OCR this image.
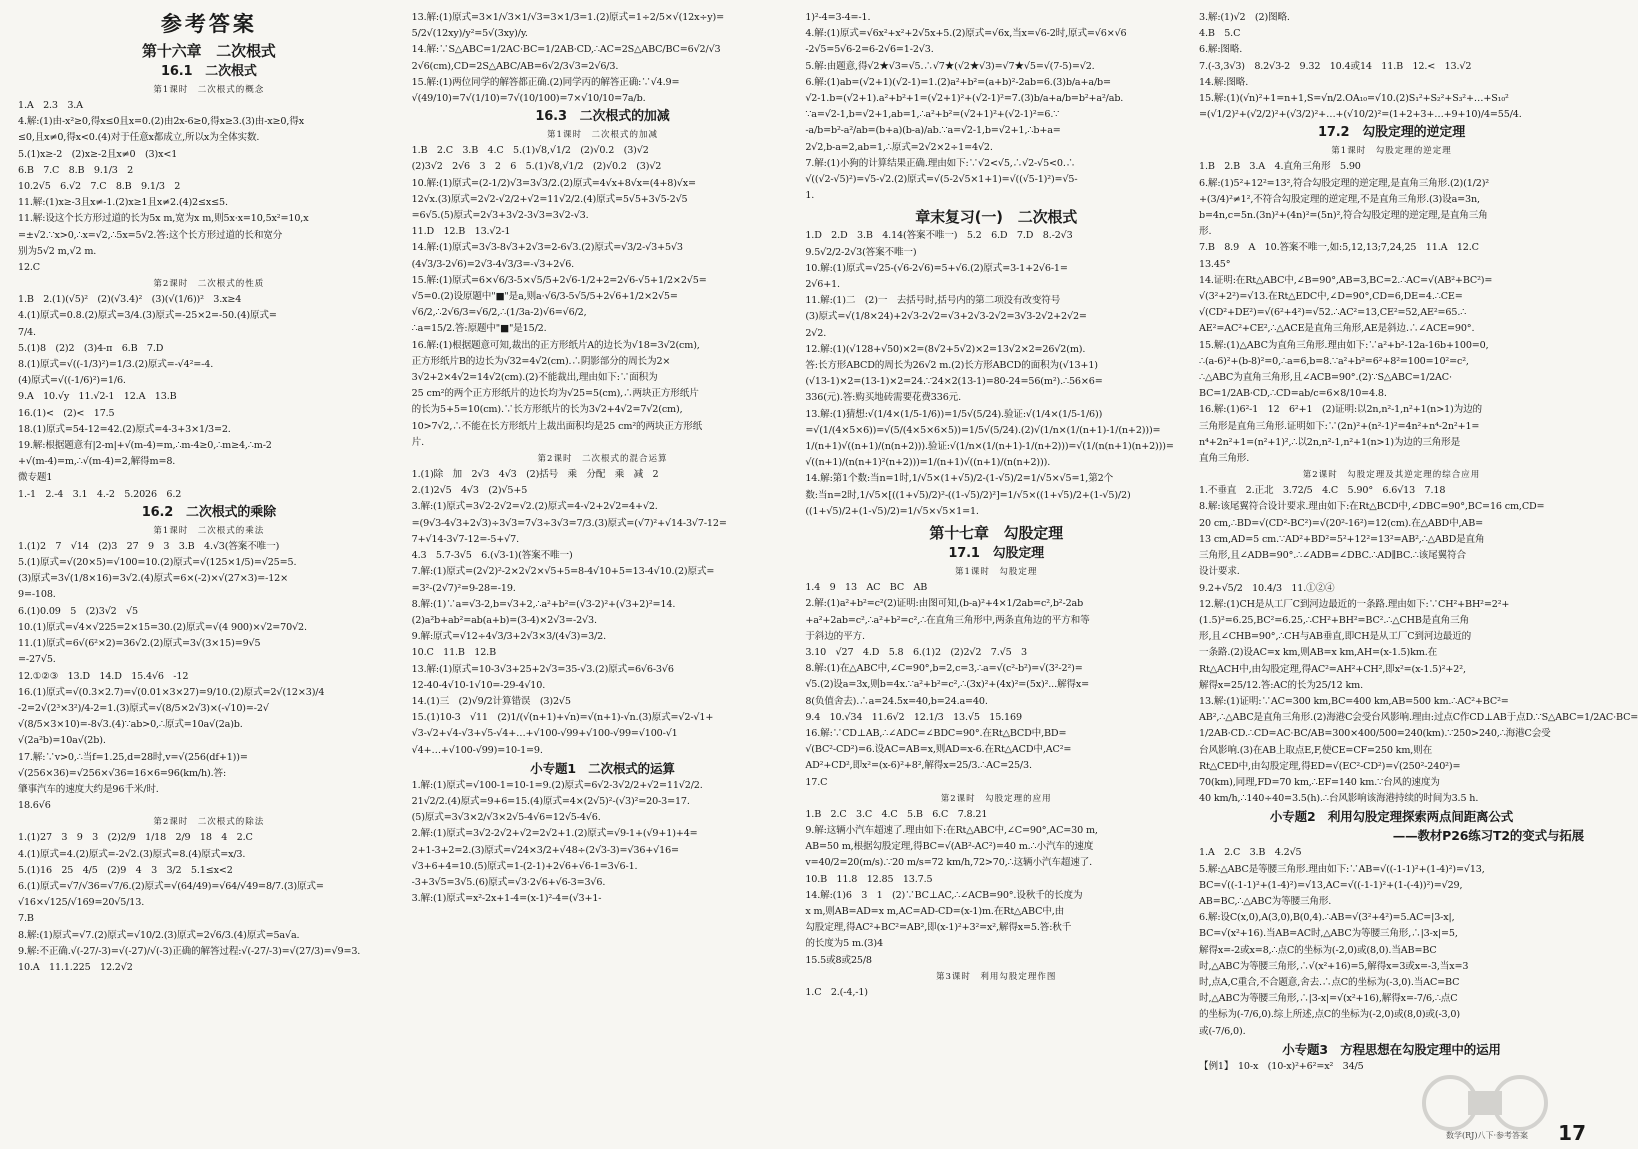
参考答案
第十六章　二次根式
16.1　二次根式
第1课时　二次根式的概念
1.A　2.3　3.A
4.解:(1)由-x²≥0,得x≤0且x=0.(2)由2x-6≥0,得x≥3.(3)由-x≥0,得x
≤0,且x≠0,得x<0.(4)对于任意x都成立,所以x为全体实数.
5.(1)x≥-2　(2)x≥-2且x≠0　(3)x<1
6.B　7.C　8.B　9.1/3　2
10.2√5　6.√2　7.C　8.B　9.1/3　2
11.解:(1)x≥-3且x≠-1.(2)x≥1且x≠2.(4)2≤x≤5.
11.解:设这个长方形过道的长为5x m,宽为x m,则5x·x=10,5x²=10,x
=±√2.∵x>0,∴x=√2,∴5x=5√2.答:这个长方形过道的长和宽分
别为5√2 m,√2 m.
12.C
第2课时　二次根式的性质
1.B　2.(1)(√5)²　(2)(√3.4)²　(3)(√(1/6))²　3.x≥4
4.(1)原式=0.8.(2)原式=3/4.(3)原式=-25×2=-50.(4)原式=
7/4.
5.(1)8　(2)2　(3)4-π　6.B　7.D
8.(1)原式=√((-1/3)²)=1/3.(2)原式=-√4²=-4.
(4)原式=√((-1/6)²)=1/6.
9.A　10.√y　11.√2-1　12.A　13.B
16.(1)<　(2)<　17.5
18.(1)原式=54-12=42.(2)原式=4-3+3×1/3=2.
19.解:根据题意有|2-m|+√(m-4)=m,∴m-4≥0,∴m≥4,∴m-2
+√(m-4)=m,∴√(m-4)=2,解得m=8.
微专题1
1.-1　2.-4　3.1　4.-2　5.2026　6.2
16.2　二次根式的乘除
第1课时　二次根式的乘法
1.(1)2　7　√14　(2)3　27　9　3　3.B　4.√3(答案不唯一)
5.(1)原式=√(20×5)=√100=10.(2)原式=√(125×1/5)=√25=5.
(3)原式=3√(1/8×16)=3√2.(4)原式=6×(-2)×√(27×3)=-12×
9=-108.
6.(1)0.09　5　(2)3√2　√5
10.(1)原式=√4×√225=2×15=30.(2)原式=√(4 900)×√2=70√2.
11.(1)原式=6√(6²×2)=36√2.(2)原式=3√(3×15)=9√5
=-27√5.
12.①②③　13.D　14.D　15.4√6　-12
16.(1)原式=√(0.3×2.7)=√(0.01×3×27)=9/10.(2)原式=2√(12×3)/4
-2=2√(2³×3²)/4-2=1.(3)原式=√(8/5×2√3)×(-√10)=-2√
√(8/5×3×10)=-8√3.(4)∵ab>0,∴原式=10a√(2a)b.
√(2a²b)=10a√(2b).
17.解:∵v>0,∴当f=1.25,d=28时,v=√(256(df+1))=
√(256×36)=√256×√36=16×6=96(km/h).答:
肇事汽车的速度大约是96千米/时.
18.6√6
第2课时　二次根式的除法
1.(1)27　3　9　3　(2)2/9　1/18　2/9　18　4　2.C
4.(1)原式=4.(2)原式=-2√2.(3)原式=8.(4)原式=x/3.
5.(1)16　25　4/5　(2)9　4　3　3/2　5.1≤x<2
6.(1)原式=√7/√36=√7/6.(2)原式=√(64/49)=√64/√49=8/7.(3)原式=
√16×√125/√169=20√5/13.
7.B
8.解:(1)原式=√7.(2)原式=√10/2.(3)原式=2√6/3.(4)原式=5a√a.
9.解:不正确.√(-27/-3)=√(-27)/√(-3)正确的解答过程:√(-27/-3)=√(27/3)=√9=3.
10.A　11.1.225　12.2√2
13.解:(1)原式=3×1/√3×1/√3=3×1/3=1.(2)原式=1÷2/5×√(12x÷y)=
5/2√(12xy)/y²=5√(3xy)/y.
14.解:∵S△ABC=1/2AC·BC=1/2AB·CD,∴AC=2S△ABC/BC=6√2/√3
2√6(cm),CD=2S△ABC/AB=6√2/3√3=2√6/3.
15.解:(1)两位同学的解答都正确.(2)同学丙的解答正确:∵√4.9=
√(49/10)=7√(1/10)=7√(10/100)=7×√10/10=7a/b.
16.3　二次根式的加减
第1课时　二次根式的加减
1.B　2.C　3.B　4.C　5.(1)√8,√1/2　(2)√0.2　(3)√2
(2)3√2　2√6　3　2　6　5.(1)√8,√1/2　(2)√0.2　(3)√2
10.解:(1)原式=(2-1/2)√3=3√3/2.(2)原式=4√x+8√x=(4+8)√x=
12√x.(3)原式=2√2-√2/2+√2=11√2/2.(4)原式=5√5+3√5-2√5
=6√5.(5)原式=2√3+3√2-3√3=3√2-√3.
11.D　12.B　13.√2-1
14.解:(1)原式=3√3-8√3+2√3=2-6√3.(2)原式=√3/2-√3+5√3
(4√3/3-2√6)=2√3-4√3/3=-√3+2√6.
15.解:(1)原式=6×√6/3-5×√5/5+2√6-1/2+2=2√6-√5+1/2×2√5=
√5=0.(2)设原题中"■"是a,则a·√6/3-5√5/5+2√6+1/2×2√5=
√6/2,∴2√6/3=√6/2,∴(1/3a-2)√6=√6/2,
∴a=15/2.答:原题中"■"是15/2.
16.解:(1)根据题意可知,裁出的正方形纸片A的边长为√18=3√2(cm),
正方形纸片B的边长为√32=4√2(cm).∴阴影部分的周长为2×
3√2+2×4√2=14√2(cm).(2)不能裁出,理由如下:∵面积为
25 cm²的两个正方形纸片的边长均为√25=5(cm),∴两块正方形纸片
的长为5+5=10(cm).∵长方形纸片的长为3√2+4√2=7√2(cm),
10>7√2,∴不能在长方形纸片上裁出面积均是25 cm²的两块正方形纸
片.
第2课时　二次根式的混合运算
1.(1)除　加　2√3　4√3　(2)括号　乘　分配　乘　减　2
2.(1)2√5　4√3　(2)√5+5
3.解:(1)原式=3√2-2√2=√2.(2)原式=4-√2+2√2=4+√2.
=(9√3-4√3+2√3)÷3√3=7√3÷3√3=7/3.(3)原式=(√7)²+√14-3√7-12=
7+√14-3√7-12=-5+√7.
4.3　5.7-3√5　6.(√3-1)(答案不唯一)
7.解:(1)原式=(2√2)²-2×2√2×√5+5=8-4√10+5=13-4√10.(2)原式=
=3²-(2√7)²=9-28=-19.
8.解:(1)∵a=√3-2,b=√3+2,∴a²+b²=(√3-2)²+(√3+2)²=14.
(2)a²b+ab²=ab(a+b)=(3-4)×2√3=-2√3.
9.解:原式=√12÷4√3/3+2√3×3/(4√3)=3/2.
10.C　11.B　12.B
13.解:(1)原式=10-3√3+25+2√3=35-√3.(2)原式=6√6-3√6
12-40-4√10-1√10=-29-4√10.
14.(1)三　(2)√9/2计算错误　(3)2√5
15.(1)10-3　√11　(2)1/(√(n+1)+√n)=√(n+1)-√n.(3)原式=√2-√1+
√3-√2+√4-√3+√5-√4+…+√100-√99+√100-√99=√100-√1
√4+…+√100-√99)=10-1=9.
小专题1　二次根式的运算
1.解:(1)原式=√100-1=10-1=9.(2)原式=6√2-3√2/2+√2=11√2/2.
21√2/2.(4)原式=9+6=15.(4)原式=4×(2√5)²-(√3)²=20-3=17.
(5)原式=3√3×2/√3×2√5-4√6=12√5-4√6.
2.解:(1)原式=3√2-2√2+√2=2√2+1.(2)原式=√9-1+(√9+1)+4=
2+1-3+2=2.(3)原式=√24×3/2+√48÷(2√3-3)=√36+√16=
√3+6+4=10.(5)原式=1-(2-1)+2√6+√6-1=3√6-1.
-3+3√5=3√5.(6)原式=√3·2√6+√6-3=3√6.
3.解:(1)原式=x²-2x+1-4=(x-1)²-4=(√3+1-
1)²-4=3-4=-1.
4.解:(1)原式=√6x²+x²+2√5x+5.(2)原式=√6x,当x=√6-2时,原式=√6×√6
-2√5=5√6-2=6-2√6=1-2√3.
5.解:由题意,得√2★√3=√5.∴√7★(√2★√3)=√7★√5=√(7-5)=√2.
6.解:(1)ab=(√2+1)(√2-1)=1.(2)a²+b²=(a+b)²-2ab=6.(3)b/a+a/b=
√2-1.b=(√2+1).a²+b²+1=(√2+1)²+(√2-1)²=7.(3)b/a+a/b=b²+a²/ab.
∵a=√2-1,b=√2+1,ab=1,∴a²+b²=(√2+1)²+(√2-1)²=6.∵
-a/b=b²-a²/ab=(b+a)(b-a)/ab.∵a=√2-1,b=√2+1,∴b+a=
2√2,b-a=2,ab=1,∴原式=2√2×2÷1=4√2.
7.解:(1)小狗的计算结果正确.理由如下:∵√2<√5,∴√2-√5<0.∴
√((√2-√5)²)=√5-√2.(2)原式=√(5-2√5×1+1)=√((√5-1)²)=√5-
1.
章末复习(一)　二次根式
1.D　2.D　3.B　4.14(答案不唯一)　5.2　6.D　7.D　8.-2√3
9.5√2/2-2√3(答案不唯一)
10.解:(1)原式=√25-(√6-2√6)=5+√6.(2)原式=3-1+2√6-1=
2√6+1.
11.解:(1)二　(2)一　去括号时,括号内的第二项没有改变符号
(3)原式=√(1/8×24)+2√3-2√2=√3+2√3-2√2=3√3-2√2+2√2=
2√2.
12.解:(1)(√128+√50)×2=(8√2+5√2)×2=13√2×2=26√2(m).
答:长方形ABCD的周长为26√2 m.(2)长方形ABCD的面积为(√13+1)
(√13-1)×2=(13-1)×2=24.∵24×2(13-1)=80-24=56(m²).∴56×6=
336(元).答:购买地砖需要花费336元.
13.解:(1)猜想:√(1/4×(1/5-1/6))=1/5√(5/24).验证:√(1/4×(1/5-1/6))
=√(1/(4×5×6))=√(5/(4×5×6×5))=1/5√(5/24).(2)√(1/n×(1/(n+1)-1/(n+2)))=
1/(n+1)√((n+1)/(n(n+2))).验证:√(1/n×(1/(n+1)-1/(n+2)))=√(1/(n(n+1)(n+2)))=
√((n+1)/(n(n+1)²(n+2)))=1/(n+1)√((n+1)/(n(n+2))).
14.解:第1个数:当n=1时,1/√5×(1+√5)/2-(1-√5)/2=1/√5×√5=1,第2个
数:当n=2时,1/√5×[((1+√5)/2)²-((1-√5)/2)²]=1/√5×((1+√5)/2+(1-√5)/2)
((1+√5)/2+(1-√5)/2)=1/√5×√5×1=1.
第十七章　勾股定理
17.1　勾股定理
第1课时　勾股定理
1.4　9　13　AC　BC　AB
2.解:(1)a²+b²=c²(2)证明:由图可知,(b-a)²+4×1/2ab=c²,b²-2ab
+a²+2ab=c²,∴a²+b²=c²,∴在直角三角形中,两条直角边的平方和等
于斜边的平方.
3.10　√27　4.D　5.8　6.(1)2　(2)2√2　7.√5　3
8.解:(1)在△ABC中,∠C=90°,b=2,c=3,∴a=√(c²-b²)=√(3²-2²)=
√5.(2)设a=3x,则b=4x.∵a²+b²=c²,∴(3x)²+(4x)²=(5x)²...解得x=
8(负值舍去).∴a=24.5x=40,b=24.a=40.
9.4　10.√34　11.6√2　12.1/3　13.√5　15.169
16.解:∵CD⊥AB,∴∠ADC=∠BDC=90°.在Rt△BCD中,BD=
√(BC²-CD²)=6.设AC=AB=x,则AD=x-6.在Rt△ACD中,AC²=
AD²+CD²,即x²=(x-6)²+8²,解得x=25/3.∴AC=25/3.
17.C
第2课时　勾股定理的应用
1.B　2.C　3.C　4.C　5.B　6.C　7.8.21
9.解:这辆小汽车超速了.理由如下:在Rt△ABC中,∠C=90°,AC=30 m,
AB=50 m,根据勾股定理,得BC=√(AB²-AC²)=40 m.∴小汽车的速度
v=40/2=20(m/s).∵20 m/s=72 km/h,72>70,∴这辆小汽车超速了.
10.B　11.8　12.85　13.7.5
14.解:(1)6　3　1　(2)∵BC⊥AC,∴∠ACB=90°.设秋千的长度为
x m,则AB=AD=x m,AC=AD-CD=(x-1)m.在Rt△ABC中,由
勾股定理,得AC²+BC²=AB²,即(x-1)²+3²=x²,解得x=5.答:秋千
的长度为5 m.(3)4
15.5或8或25/8
第3课时　利用勾股定理作图
1.C　2.(-4,-1)
3.解:(1)√2　(2)图略.
4.B　5.C
6.解:图略.
7.(-3,3√3)　8.2√3-2　9.32　10.4或14　11.B　12.<　13.√2
14.解:图略.
15.解:(1)(√n)²+1=n+1,S=√n/2.OA₁₀=√10.(2)S₁²+S₂²+S₃²+…+S₁₀²
=(√1/2)²+(√2/2)²+(√3/2)²+…+(√10/2)²=(1+2+3+…+9+10)/4=55/4.
17.2　勾股定理的逆定理
第1课时　勾股定理的逆定理
1.B　2.B　3.A　4.直角三角形　5.90
6.解:(1)5²+12²=13²,符合勾股定理的逆定理,是直角三角形.(2)(1/2)²
+(3/4)²≠1²,不符合勾股定理的逆定理,不是直角三角形.(3)设a=3n,
b=4n,c=5n.(3n)²+(4n)²=(5n)²,符合勾股定理的逆定理,是直角三角
形.
7.B　8.9　A　10.答案不唯一,如:5,12,13;7,24,25　11.A　12.C
13.45°
14.证明:在Rt△ABC中,∠B=90°,AB=3,BC=2.∴AC=√(AB²+BC²)=
√(3²+2²)=√13.在Rt△EDC中,∠D=90°,CD=6,DE=4.∴CE=
√(CD²+DE²)=√(6²+4²)=√52.∴AC²=13,CE²=52,AE²=65.∴
AE²=AC²+CE²,∴△ACE是直角三角形,AE是斜边.∴∠ACE=90°.
15.解:(1)△ABC为直角三角形.理由如下:∵a²+b²-12a-16b+100=0,
∴(a-6)²+(b-8)²=0,∴a=6,b=8.∵a²+b²=6²+8²=100=10²=c²,
∴△ABC为直角三角形,且∠ACB=90°.(2)∵S△ABC=1/2AC·
BC=1/2AB·CD,∴CD=ab/c=6×8/10=4.8.
16.解:(1)6²-1　12　6²+1　(2)证明:以2n,n²-1,n²+1(n>1)为边的
三角形是直角三角形.证明如下:∵(2n)²+(n²-1)²=4n²+n⁴-2n²+1=
n⁴+2n²+1=(n²+1)²,∴以2n,n²-1,n²+1(n>1)为边的三角形是
直角三角形.
第2课时　勾股定理及其逆定理的综合应用
1.不垂直　2.正北　3.72/5　4.C　5.90°　6.6√13　7.18
8.解:该尾翼符合设计要求.理由如下:在Rt△BCD中,∠DBC=90°,BC=16 cm,CD=
20 cm,∴BD=√(CD²-BC²)=√(20²-16²)=12(cm).在△ABD中,AB=
13 cm,AD=5 cm.∵AD²+BD²=5²+12²=13²=AB²,∴△ABD是直角
三角形,且∠ADB=90°.∴∠ADB=∠DBC.∴AD∥BC.∴该尾翼符合
设计要求.
9.2+√5/2　10.4/3　11.①②④
12.解:(1)CH是从工厂C到河边最近的一条路.理由如下:∵CH²+BH²=2²+
(1.5)²=6.25,BC²=6.25,∴CH²+BH²=BC².∴△CHB是直角三角
形,且∠CHB=90°,∴CH与AB垂直,即CH是从工厂C到河边最近的
一条路.(2)设AC=x km,则AB=x km,AH=(x-1.5)km.在
Rt△ACH中,由勾股定理,得AC²=AH²+CH²,即x²=(x-1.5)²+2²,
解得x=25/12.答:AC的长为25/12 km.
13.解:(1)证明:∵AC=300 km,BC=400 km,AB=500 km.∴AC²+BC²=
AB²,∴△ABC是直角三角形.(2)海港C会受台风影响.理由:过点C作CD⊥AB于点D.∵S△ABC=1/2AC·BC=
1/2AB·CD.∴CD=AC·BC/AB=300×400/500=240(km).∵250>240,∴海港C会受
台风影响.(3)在AB上取点E,F,使CE=CF=250 km,则在
Rt△CED中,由勾股定理,得ED=√(EC²-CD²)=√(250²-240²)=
70(km),同理,FD=70 km,∴EF=140 km.∵台风的速度为
40 km/h,∴140÷40=3.5(h).∴台风影响该海港持续的时间为3.5 h.
小专题2　利用勾股定理探索两点间距离公式
——教材P26练习T2的变式与拓展
1.A　2.C　3.B　4.2√5
5.解:△ABC是等腰三角形.理由如下:∵AB=√((-1-1)²+(1-4)²)=√13,
BC=√((-1-1)²+(1-4)²)=√13,AC=√((-1-1)²+(1-(-4))²)=√29,
AB=BC,∴△ABC为等腰三角形.
6.解:设C(x,0),A(3,0),B(0,4).∴AB=√(3²+4²)=5.AC=|3-x|,
BC=√(x²+16).当AB=AC时,△ABC为等腰三角形,∴|3-x|=5,
解得x=-2或x=8,∴点C的坐标为(-2,0)或(8,0).当AB=BC
时,△ABC为等腰三角形,∴√(x²+16)=5,解得x=3或x=-3,当x=3
时,点A,C重合,不合题意,舍去.∴点C的坐标为(-3,0).当AC=BC
时,△ABC为等腰三角形,∴|3-x|=√(x²+16),解得x=-7/6,∴点C
的坐标为(-7/6,0).综上所述,点C的坐标为(-2,0)或(8,0)或(-3,0)
或(-7/6,0).
小专题3　方程思想在勾股定理中的运用
【例1】　10-x　(10-x)²+6²=x²　34/5
数学(RJ)八下·参考答案 17
